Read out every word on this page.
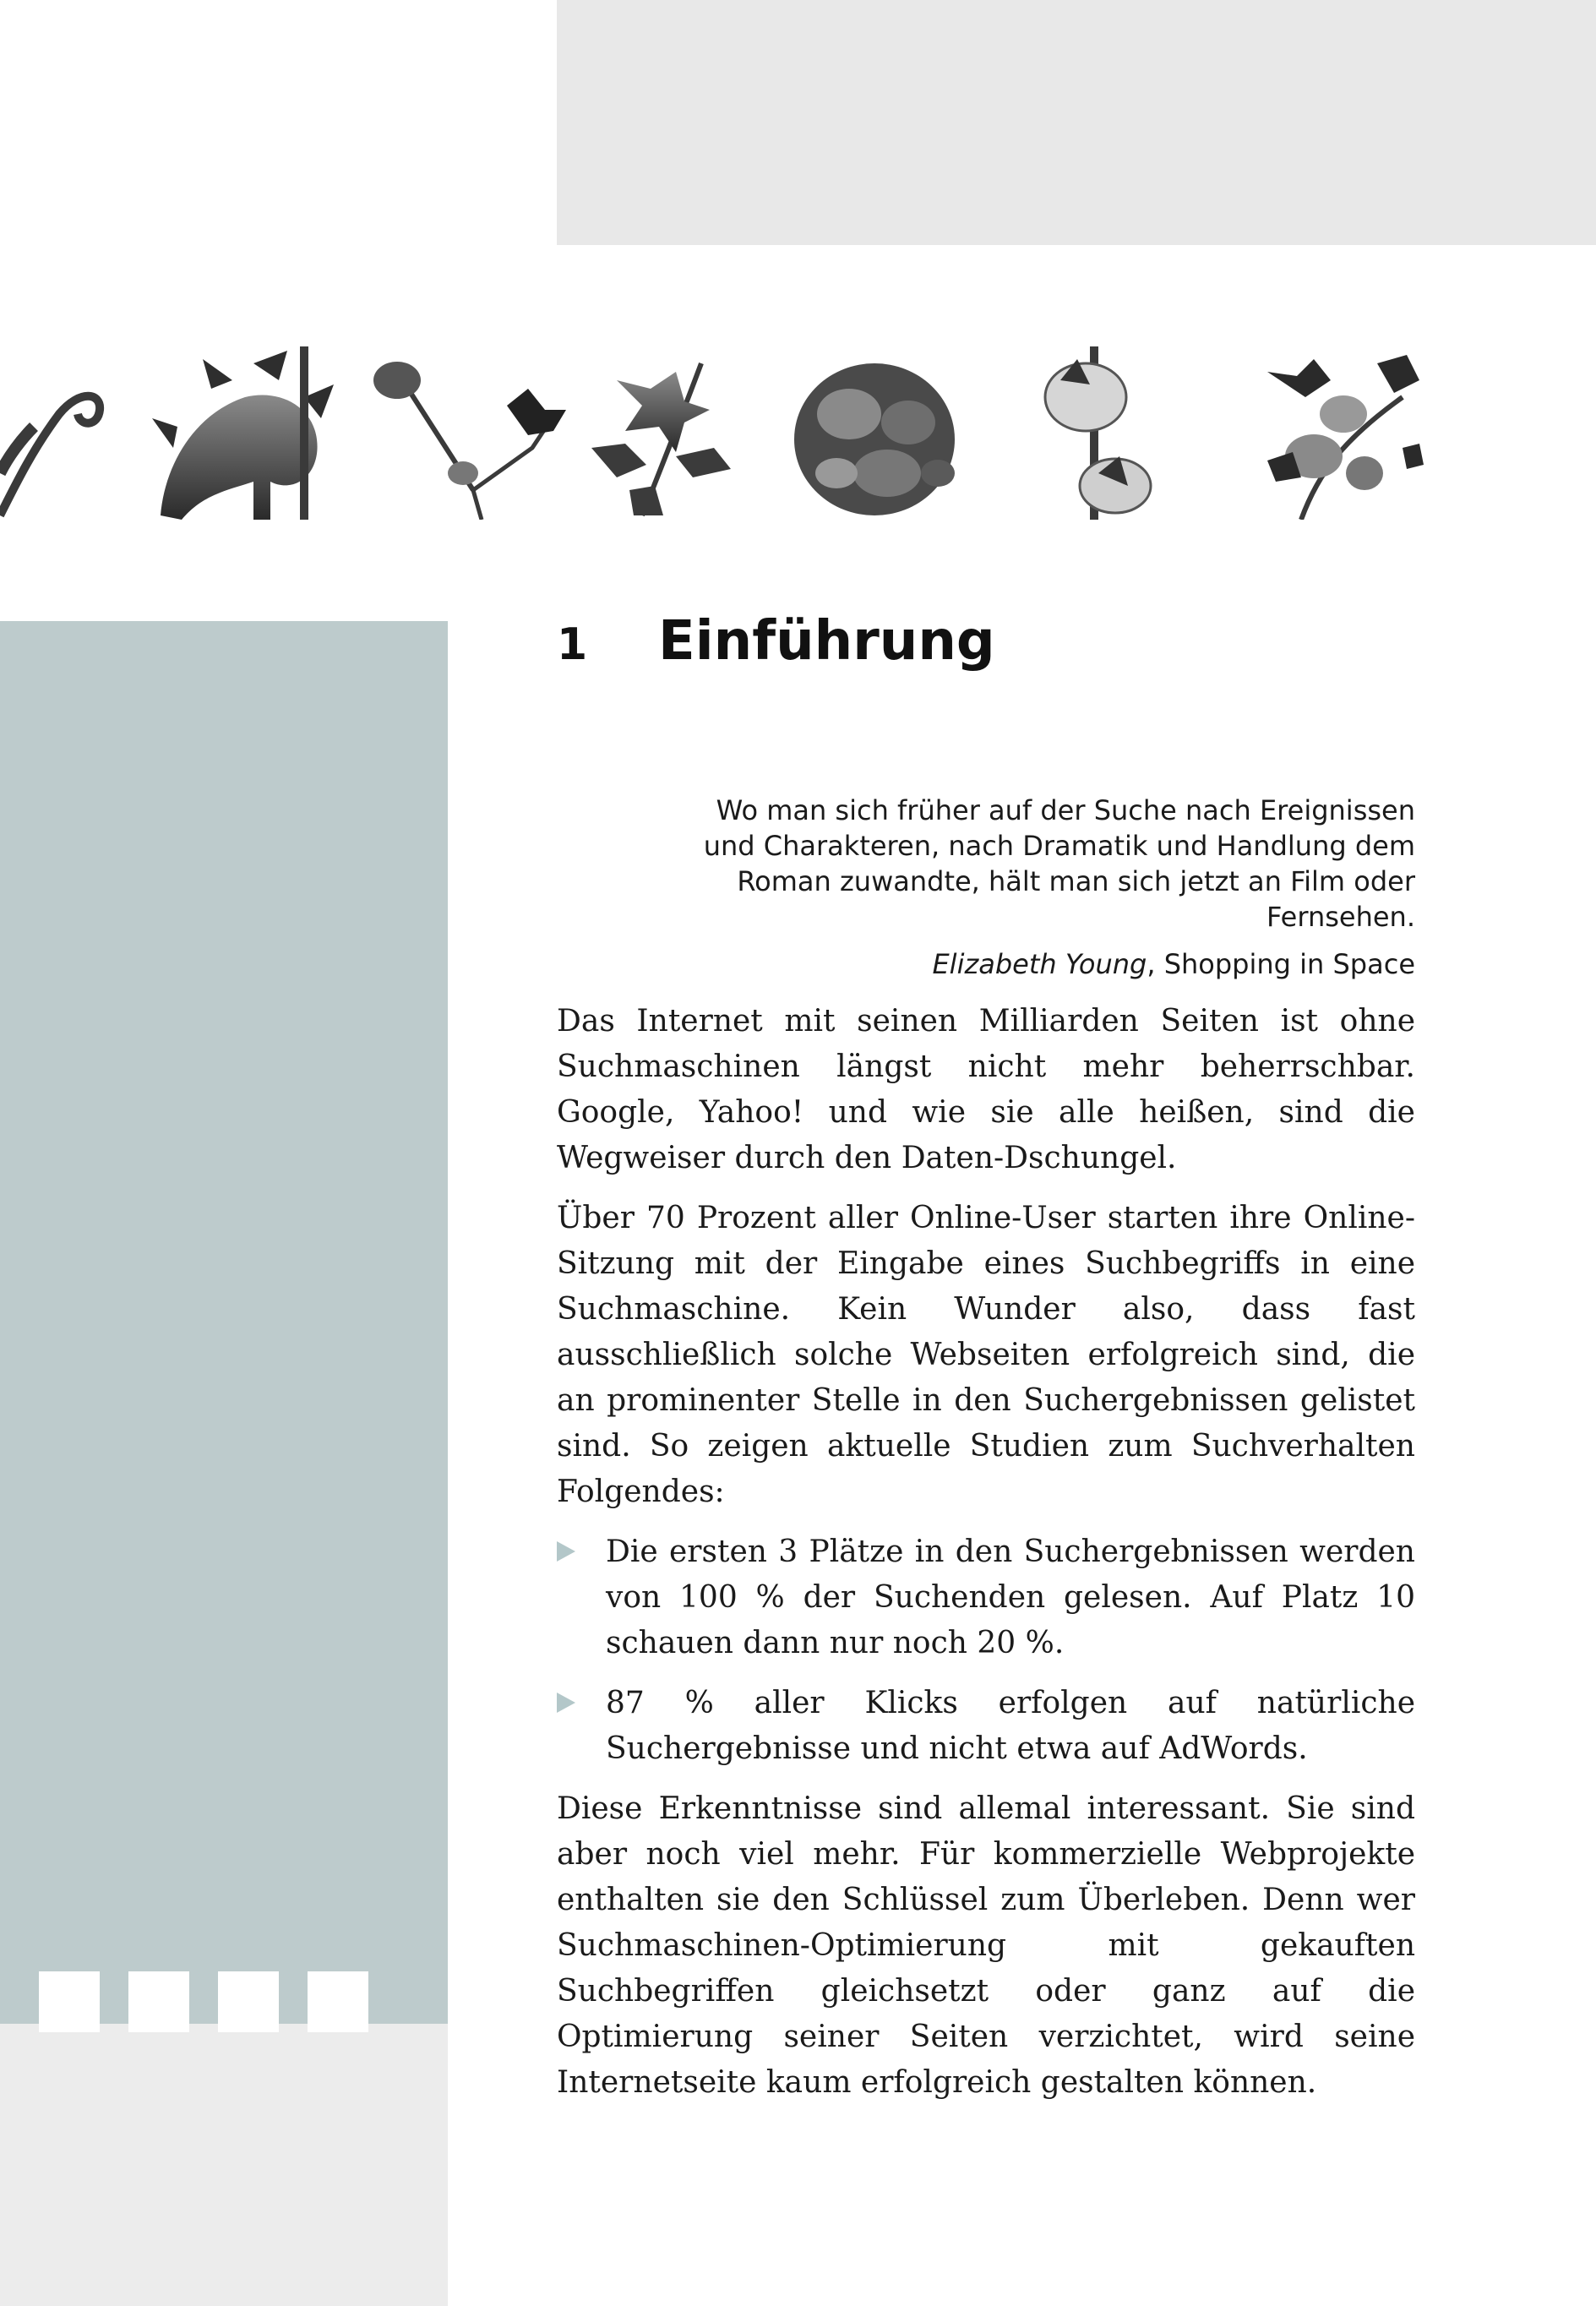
1	Einführung

Wo man sich früher auf der Suche nach Ereignissen und Charakteren, nach Dramatik und Handlung dem Roman zuwandte, hält man sich jetzt an Film oder Fernsehen.

Elizabeth Young, Shopping in Space

Das Internet mit seinen Milliarden Seiten ist ohne Suchmaschinen längst nicht mehr beherrschbar. Google, Yahoo! und wie sie alle heißen, sind die Wegweiser durch den Daten-Dschungel.

Über 70 Prozent aller Online-User starten ihre Online-Sitzung mit der Eingabe eines Suchbegriffs in eine Suchmaschine. Kein Wunder also, dass fast ausschließlich solche Webseiten erfolgreich sind, die an prominenter Stelle in den Suchergebnissen gelistet sind. So zeigen aktuelle Studien zum Suchverhalten Folgendes:

Die ersten 3 Plätze in den Suchergebnissen werden von 100 % der Suchenden gelesen. Auf Platz 10 schauen dann nur noch 20 %.
87 % aller Klicks erfolgen auf natürliche Suchergebnisse und nicht etwa auf AdWords.

Diese Erkenntnisse sind allemal interessant. Sie sind aber noch viel mehr. Für kommerzielle Webprojekte enthalten sie den Schlüssel zum Überleben. Denn wer Suchmaschinen-Optimierung mit gekauften Suchbegriffen gleichsetzt oder ganz auf die Optimierung seiner Seiten verzichtet, wird seine Internetseite kaum erfolgreich gestalten können.
